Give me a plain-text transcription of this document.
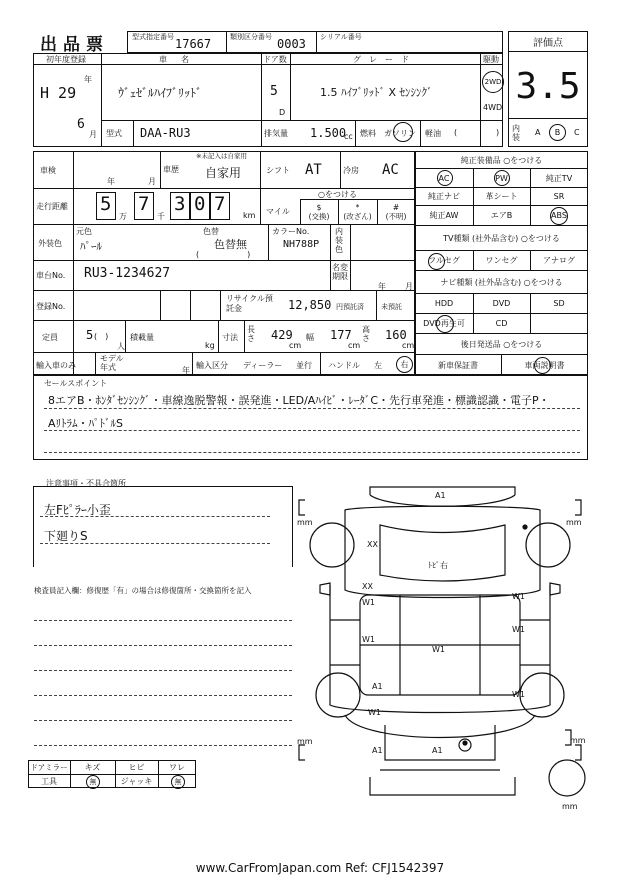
出品票	型式指定番号 17667	類別区分番号 0003 シリアル番号
評価点
3.5
初年度登録
H 29
年
6
月
車名
ｳﾞｪｾﾞﾙﾊｲﾌﾞﾘｯﾄﾞ
ドア数
5
D
グレード
1.5 ﾊｲﾌﾞﾘｯﾄﾞ X ｾﾝｼﾝｸﾞ
駆動
2WD
4WD
型式 DAA-RU3	排気量 1.500
cc 燃料 ガソリン 軽油 (	) 内装
A	B	C
車検
年	月
車歴
※未記入は自家用
自家用	シフト AT	冷房 AC
走行距離 5
万
7
千
3 0 7
km
○をつける
マイル	$
(交換)
*
(改ざん)
#
(不明)
外装色
元色
ﾊﾟｰﾙ
色替
色替無
(　　　　　　)
カラーNo.
NH788P
内装色
車台No. RU3-1234627	名変期限
年 月
登録No.
リサイクル預託金	12,850 円預託済 未預託
定員 5 (　)
人
積載量
kg
寸法
長さ 429
cm
幅 177
cm
高さ 160
cm
輸入車のみ
モデル年式	年
輸入区分 ディーラー 並行 ハンドル 左	右
純正装備品 ○をつける
AC	PW	純正TV
純正ナビ	革シート	SR
純正AW	エアB	ABS
TV種類 (社外品含む) ○をつける
フルセグ	ワンセグ	アナログ
ナビ種類 (社外品含む) ○をつける
HDD	DVD	SD
DVD再生可	CD
後日発送品 ○をつける
新車保証書	車両説明書
セールスポイント
8エアB・ﾎﾝﾀﾞｾﾝｼﾝｸﾞ・車線逸脱警報・誤発進・LED/Aﾊｲﾋﾞ・ﾚｰﾀﾞC・先行車発進・標識認識・電子P・
Aﾘﾄﾗﾑ・ﾊﾟﾄﾞﾙS
注意事項・不具合箇所
左Fﾋﾟﾗｰ小歪
下廻りS
検査員記入欄：修復歴「有」の場合は修復箇所・交換箇所を記入
ドアミラー	キズ	ヒビ	ワレ
工具	無	ジャッキ	無
A1
XX
ﾄﾋﾟ右
XX
W1
W1
W1
W1
W1
W1
A1
W1
A1	A1
mm	mm
mm	mm
mm
www.CarFromJapan.com Ref: CFJ1542397
